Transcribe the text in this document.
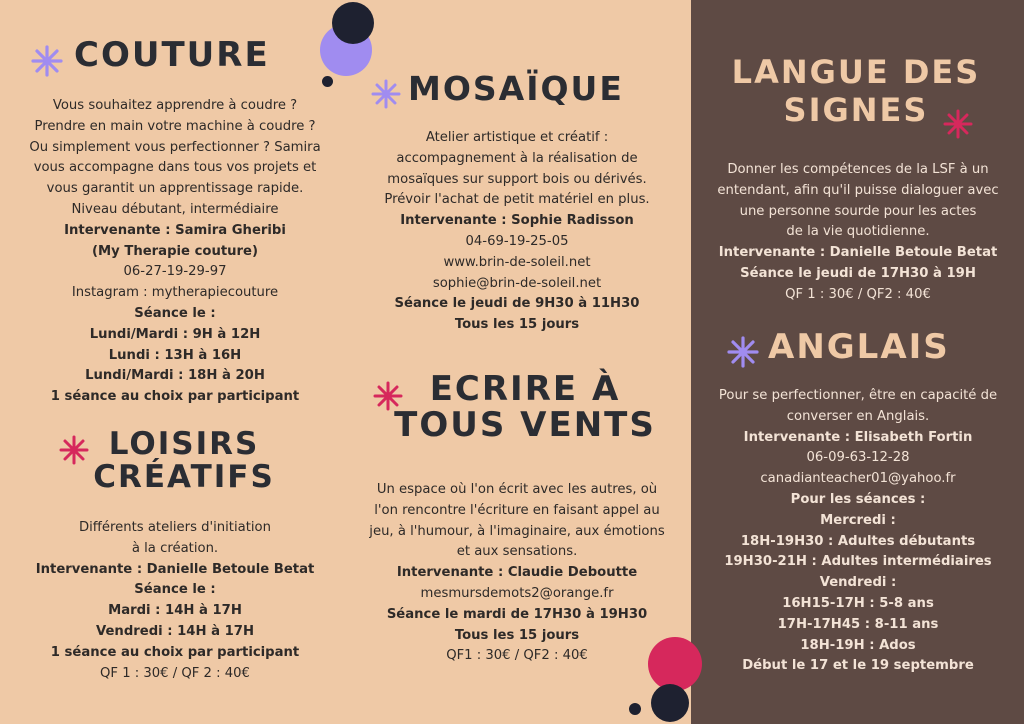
COUTURE
Vous souhaitez apprendre à coudre ?
Prendre en main votre machine à coudre ?
Ou simplement vous perfectionner ? Samira
vous accompagne dans tous vos projets et
vous garantit un apprentissage rapide.
Niveau débutant, intermédiaire
Intervenante : Samira Gheribi
(My Therapie couture)
06-27-19-29-97
Instagram : mytherapiecouture
Séance le :
Lundi/Mardi : 9H à 12H
Lundi : 13H à 16H
Lundi/Mardi : 18H à 20H
1 séance au choix par participant
LOISIRS
CRÉATIFS
Différents ateliers d'initiation
à la création.
Intervenante : Danielle Betoule Betat
Séance le :
Mardi : 14H à 17H
Vendredi : 14H à 17H
1 séance au choix par participant
QF 1 : 30€ / QF 2 : 40€
MOSAÏQUE
Atelier artistique et créatif :
accompagnement à la réalisation de
mosaïques sur support bois ou dérivés.
Prévoir l'achat de petit matériel en plus.
Intervenante : Sophie Radisson
04-69-19-25-05
www.brin-de-soleil.net
sophie@brin-de-soleil.net
Séance le jeudi de 9H30 à 11H30
Tous les 15 jours
ECRIRE À
TOUS VENTS
Un espace où l'on écrit avec les autres, où
l'on rencontre l'écriture en faisant appel au
jeu, à l'humour, à l'imaginaire, aux émotions
et aux sensations.
Intervenante : Claudie Deboutte
mesmursdemots2@orange.fr
Séance le mardi de 17H30 à 19H30
Tous les 15 jours
QF1 : 30€ / QF2 : 40€
LANGUE DES
SIGNES
Donner les compétences de la LSF à un
entendant, afin qu'il puisse dialoguer avec
une personne sourde pour les actes
de la vie quotidienne.
Intervenante : Danielle Betoule Betat
Séance le jeudi de 17H30 à 19H
QF 1 : 30€ / QF2 : 40€
ANGLAIS
Pour se perfectionner, être en capacité de
converser en Anglais.
Intervenante : Elisabeth Fortin
06-09-63-12-28
canadianteacher01@yahoo.fr
Pour les séances :
Mercredi :
18H-19H30 : Adultes débutants
19H30-21H : Adultes intermédiaires
Vendredi :
16H15-17H : 5-8 ans
17H-17H45 : 8-11 ans
18H-19H : Ados
Début le 17 et le 19 septembre
